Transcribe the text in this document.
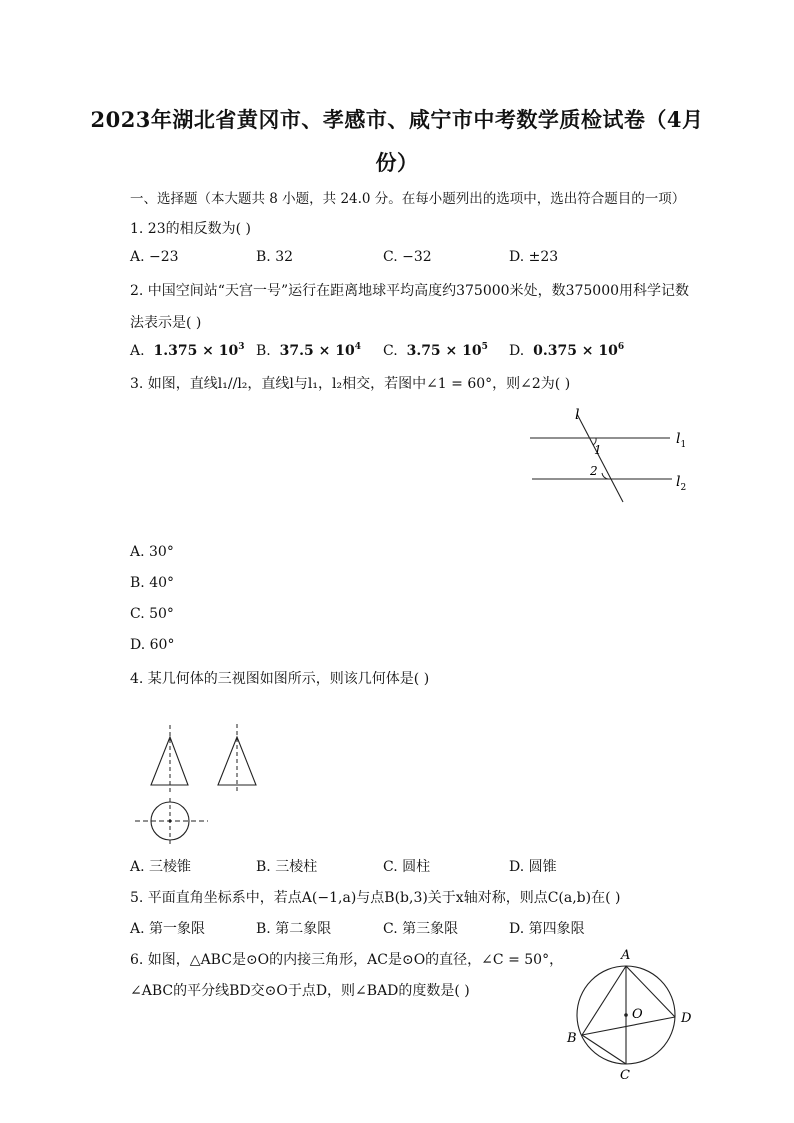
2023年湖北省黄冈市、孝感市、咸宁市中考数学质检试卷（4月
份）
一、选择题（本大题共 8 小题，共 24.0 分。在每小题列出的选项中，选出符合题目的一项）
1. 23的相反数为( )
A. −23	B. 32	C. −32	D. ±23
2. 中国空间站“天宫一号”运行在距离地球平均高度约375000米处，数375000用科学记数
法表示是( )
A. $1.375 \times 10^3$ B. $37.5 \times 10^4$ C. $3.75 \times 10^5$ D. $0.375 \times 10^6$
3. 如图，直线l₁//l₂，直线l与l₁，l₂相交，若图中∠1 = 60°，则∠2为( )
l
1
2
$l_1$
$l_2$
A. 30°
B. 40°
C. 50°
D. 60°
4. 某几何体的三视图如图所示，则该几何体是( )
A. 三棱锥	B. 三棱柱	C. 圆柱	D. 圆锥
5. 平面直角坐标系中，若点A(−1,a)与点B(b,3)关于x轴对称，则点C(a,b)在( )
A. 第一象限	B. 第二象限	C. 第三象限	D. 第四象限
6. 如图，△ABC是⊙O的内接三角形，AC是⊙O的直径，∠C = 50°，
∠ABC的平分线BD交⊙O于点D，则∠BAD的度数是( )
A
B
C
D
O
